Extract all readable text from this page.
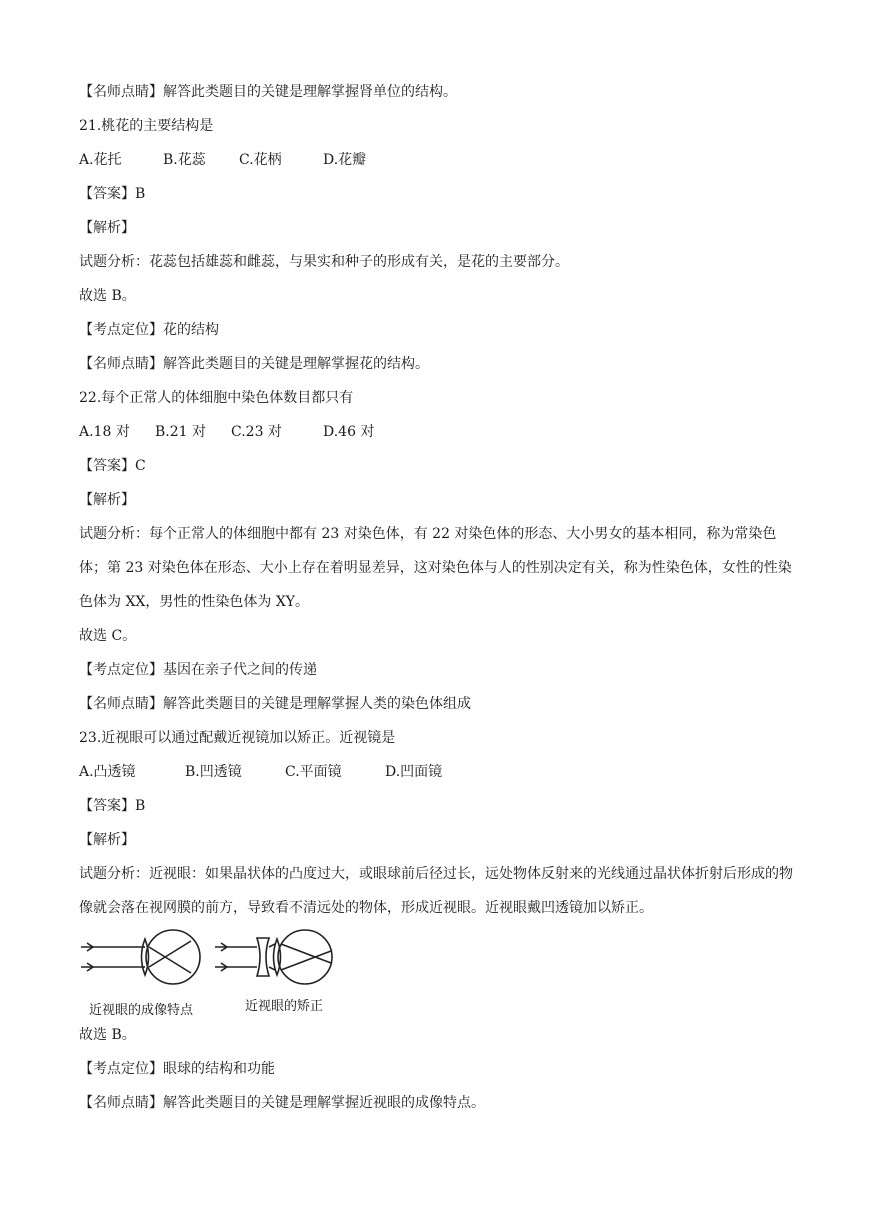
【名师点睛】解答此类题目的关键是理解掌握肾单位的结构。
21.桃花的主要结构是
A.花托	B.花蕊 C.花柄	D.花瓣
【答案】B
【解析】
试题分析：花蕊包括雄蕊和雌蕊，与果实和种子的形成有关，是花的主要部分。
故选 B。
【考点定位】花的结构
【名师点睛】解答此类题目的关键是理解掌握花的结构。
22.每个正常人的体细胞中染色体数目都只有
A.18 对 B.21 对 C.23 对	D.46 对
【答案】C
【解析】
试题分析：每个正常人的体细胞中都有 23 对染色体，有 22 对染色体的形态、大小男女的基本相同，称为常染色体；第 23 对染色体在形态、大小上存在着明显差异，这对染色体与人的性别决定有关，称为性染色体，女性的性染色体为 XX，男性的性染色体为 XY。
故选 C。
【考点定位】基因在亲子代之间的传递
【名师点睛】解答此类题目的关键是理解掌握人类的染色体组成
23.近视眼可以通过配戴近视镜加以矫正。近视镜是
A.凸透镜	B.凹透镜	C.平面镜	D.凹面镜
【答案】B
【解析】
试题分析：近视眼：如果晶状体的凸度过大，或眼球前后径过长，远处物体反射来的光线通过晶状体折射后形成的物像就会落在视网膜的前方，导致看不清远处的物体，形成近视眼。近视眼戴凹透镜加以矫正。
近视眼的成像特点	近视眼的矫正
故选 B。
【考点定位】眼球的结构和功能
【名师点睛】解答此类题目的关键是理解掌握近视眼的成像特点。
